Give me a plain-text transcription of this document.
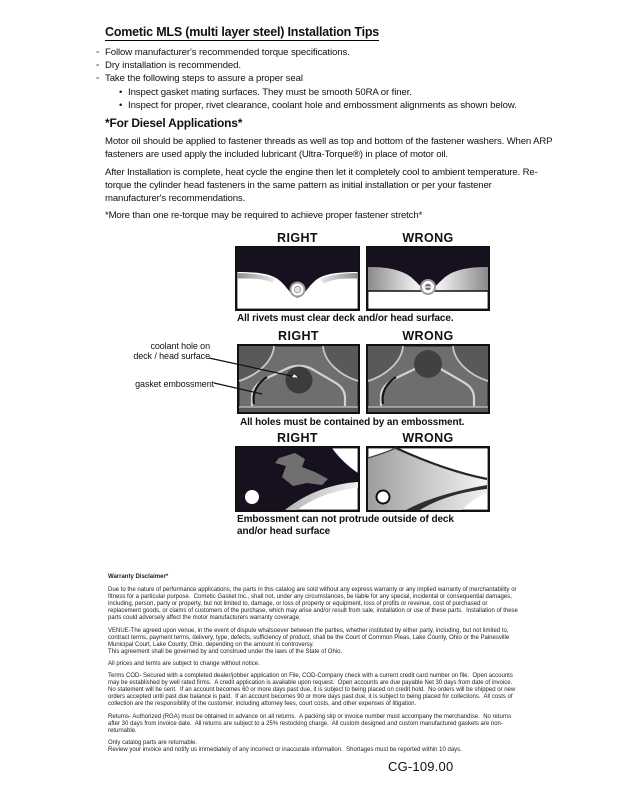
Cometic MLS (multi layer steel) Installation Tips
◦ Follow manufacturer's recommended torque specifications.
◦ Dry installation is recommended.
◦ Take the following steps to assure a proper seal
• Inspect gasket mating surfaces. They must be smooth 50RA or finer.
• Inspect for proper, rivet clearance, coolant hole and embossment alignments as shown below.
*For Diesel Applications*
Motor oil should be applied to fastener threads as well as top and bottom of the fastener washers. When ARP fasteners are used apply the included lubricant (Ultra-Torque®) in place of motor oil.
After Installation is complete, heat cycle the engine then let it completely cool to ambient temperature. Re-torque the cylinder head fasteners in the same pattern as initial installation or per your fastener manufacturer's recommendations.
*More than one re-torque may be required to achieve proper fastener stretch*
RIGHT	WRONG
All rivets must clear deck and/or head surface.
RIGHT	WRONG
coolant hole on
deck / head surface
gasket embossment
All holes must be contained by an embossment.
RIGHT	WRONG
Embossment can not protrude outside of deck
and/or head surface
Warranty Disclaimer*

Due to the nature of performance applications, the parts in this catalog are sold without any express warranty or any implied warranty of merchantability or fitness for a particular purpose.  Cometic Gasket Inc., shall not, under any circumstances, be liable for any special, incidental or consequential damages, including, person, party or property, but not limited to, damage, or loss of property or equipment, loss of profits or revenue, cost of purchased or replacement goods, or claims of customers of the purchase, which may arise and/or result from sale, installation or use of these parts.  Installation of these parts could adversely affect the motor manufacturers warranty coverage.

VENUE-The agreed upon venue, in the event of dispute whatsoever between the parties, whether instituted by either party, including, but not limited to, contract terms, payment terms, delivery, type, defects, sufficiency of product, shall be the Court of Common Pleas, Lake County, Ohio or the Painesville Municipal Court, Lake County, Ohio, depending on the amount in controversy.

This agreement shall be governed by and construed under the laws of the State of Ohio.

All prices and terms are subject to change without notice.

Terms COD- Secured with a completed dealer/jobber application on File, COD-Company check with a current credit card number on file.  Open accounts may be established by well rated firms.  A credit application is available upon request.  Open accounts are due payable Net 30 days from date of invoice.  No statement will be sent.  If an account becomes 60 or more days past due, it is subject to being placed on credit hold.  No orders will be shipped or new orders accepted until past due balance is paid.  If an account becomes 90 or more days past due, it is subject to being placed for collections.  All costs of collection are the responsibility of the customer, including attorney fees, court costs, and other expenses of litigation.

Returns- Authorized (RGA) must be obtained in advance on all returns.  A packing slip or invoice number must accompany the merchandise.  No returns after 30 days from invoice date.  All returns are subject to a 25% restocking charge.  All custom designed and custom manufactured gaskets are non-returnable.

Only catalog parts are returnable.

Review your invoice and notify us immediately of any incorrect or inaccurate information.  Shortages must be reported within 10 days.

CG-109.00
